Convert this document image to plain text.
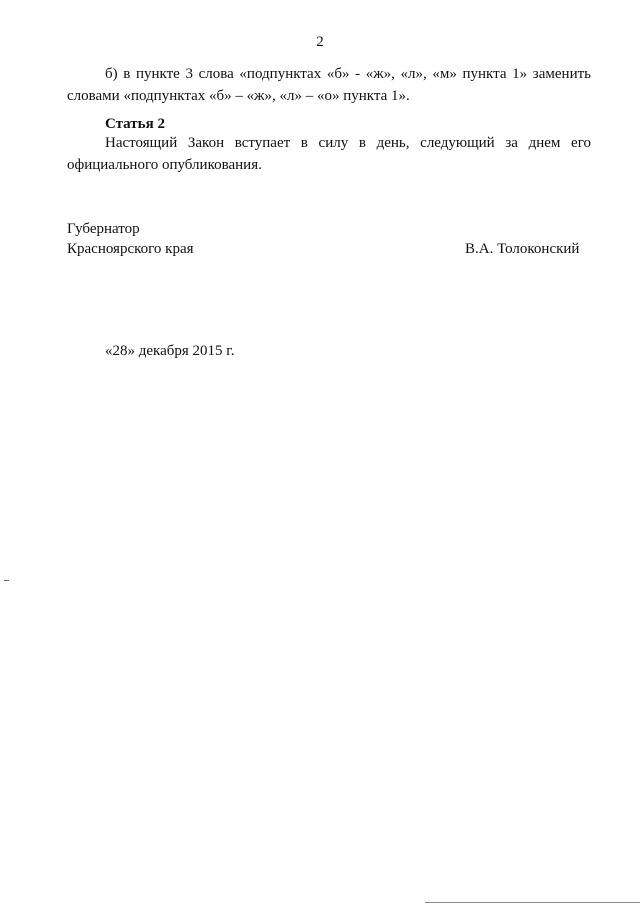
2

б) в пункте 3 слова «подпунктах «б» - «ж», «л», «м» пункта 1» заменить словами «подпунктах «б» – «ж», «л» – «о» пункта 1».

Статья 2

Настоящий Закон вступает в силу в день, следующий за днем его официального опубликования.

Губернатор
Красноярского края	В.А. Толоконский
«28» декабря 2015 г.
